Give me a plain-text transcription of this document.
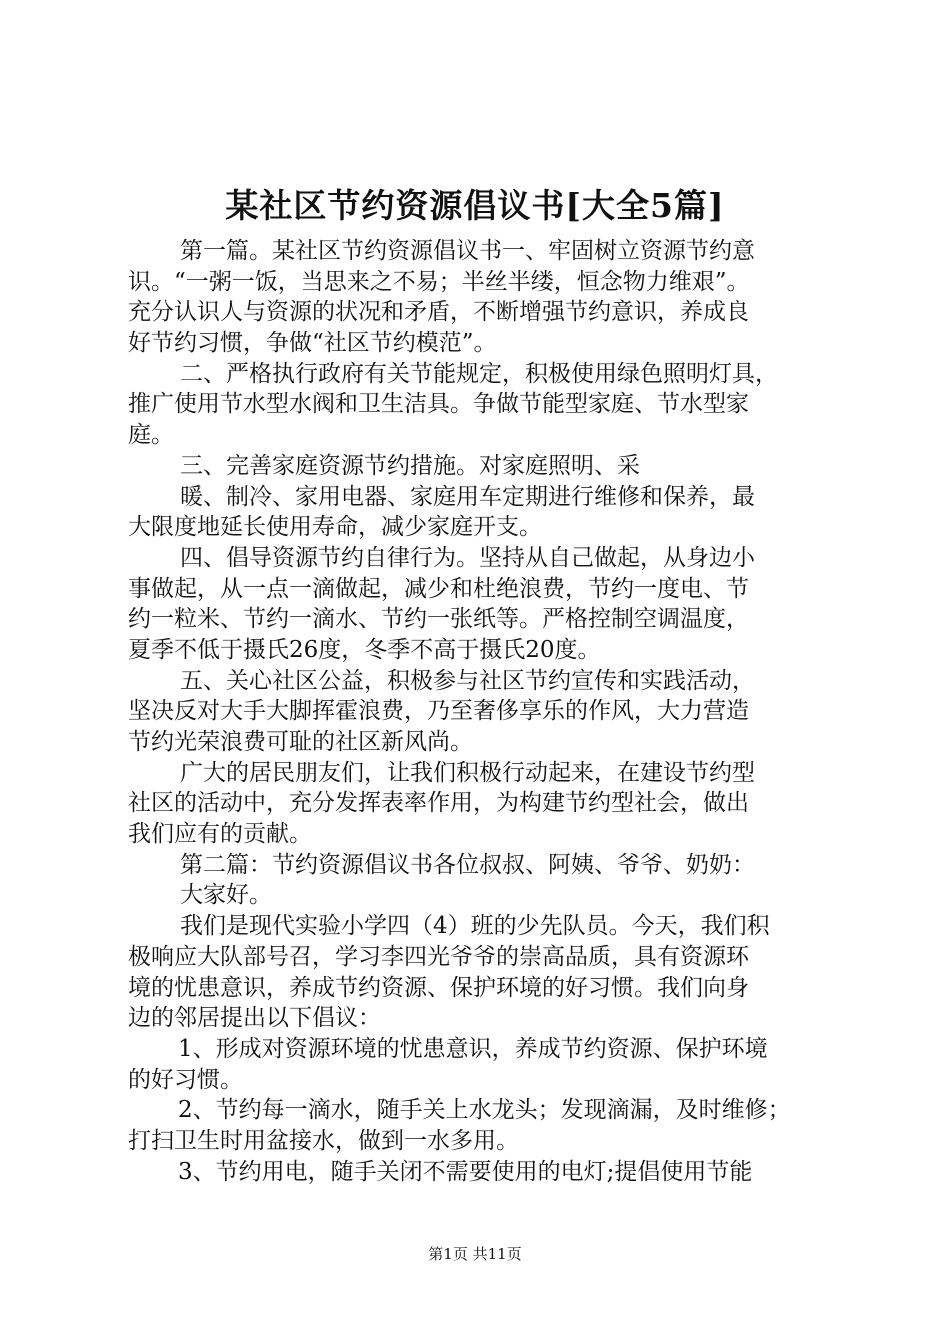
某社区节约资源倡议书[大全5篇]
第一篇。某社区节约资源倡议书一、牢固树立资源节约意
识。“一粥一饭，当思来之不易；半丝半缕，恒念物力维艰”。
充分认识人与资源的状况和矛盾，不断增强节约意识，养成良
好节约习惯，争做“社区节约模范”。
二、严格执行政府有关节能规定，积极使用绿色照明灯具，
推广使用节水型水阀和卫生洁具。争做节能型家庭、节水型家
庭。
三、完善家庭资源节约措施。对家庭照明、采
暖、制冷、家用电器、家庭用车定期进行维修和保养，最
大限度地延长使用寿命，减少家庭开支。
四、倡导资源节约自律行为。坚持从自己做起，从身边小
事做起，从一点一滴做起，减少和杜绝浪费，节约一度电、节
约一粒米、节约一滴水、节约一张纸等。严格控制空调温度，
夏季不低于摄氏26度，冬季不高于摄氏20度。
五、关心社区公益，积极参与社区节约宣传和实践活动，
坚决反对大手大脚挥霍浪费，乃至奢侈享乐的作风，大力营造
节约光荣浪费可耻的社区新风尚。
广大的居民朋友们，让我们积极行动起来，在建设节约型
社区的活动中，充分发挥表率作用，为构建节约型社会，做出
我们应有的贡献。
第二篇：节约资源倡议书各位叔叔、阿姨、爷爷、奶奶：
大家好。
我们是现代实验小学四（4）班的少先队员。今天，我们积
极响应大队部号召，学习李四光爷爷的崇高品质，具有资源环
境的忧患意识，养成节约资源、保护环境的好习惯。我们向身
边的邻居提出以下倡议：
1、形成对资源环境的忧患意识，养成节约资源、保护环境
的好习惯。
2、节约每一滴水，随手关上水龙头；发现滴漏，及时维修；
打扫卫生时用盆接水，做到一水多用。
3、节约用电，随手关闭不需要使用的电灯;提倡使用节能
第1页 共11页
